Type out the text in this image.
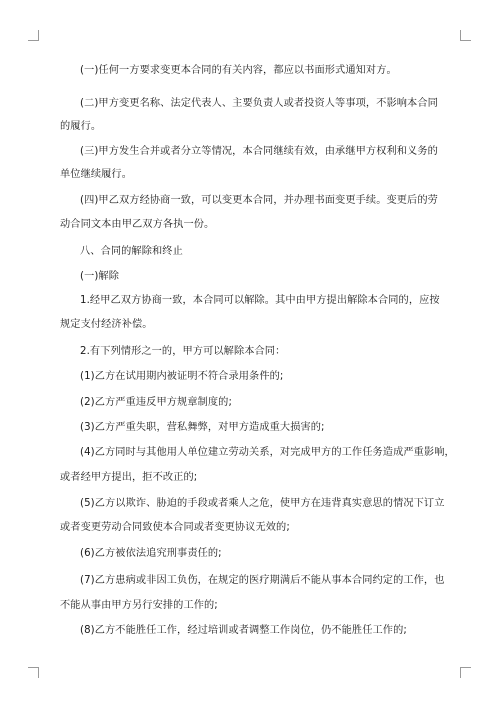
(一)任何一方要求变更本合同的有关内容，都应以书面形式通知对方。
(二)甲方变更名称、法定代表人、主要负责人或者投资人等事项，不影响本合同
的履行。
(三)甲方发生合并或者分立等情况，本合同继续有效，由承继甲方权利和义务的
单位继续履行。
(四)甲乙双方经协商一致，可以变更本合同，并办理书面变更手续。变更后的劳
动合同文本由甲乙双方各执一份。
八、合同的解除和终止
(一)解除
1.经甲乙双方协商一致，本合同可以解除。其中由甲方提出解除本合同的，应按
规定支付经济补偿。
2.有下列情形之一的，甲方可以解除本合同：
(1)乙方在试用期内被证明不符合录用条件的;
(2)乙方严重违反甲方规章制度的;
(3)乙方严重失职，营私舞弊，对甲方造成重大损害的;
(4)乙方同时与其他用人单位建立劳动关系，对完成甲方的工作任务造成严重影响，
或者经甲方提出，拒不改正的;
(5)乙方以欺诈、胁迫的手段或者乘人之危，使甲方在违背真实意思的情况下订立
或者变更劳动合同致使本合同或者变更协议无效的;
(6)乙方被依法追究刑事责任的;
(7)乙方患病或非因工负伤，在规定的医疗期满后不能从事本合同约定的工作，也
不能从事由甲方另行安排的工作的;
(8)乙方不能胜任工作，经过培训或者调整工作岗位，仍不能胜任工作的;
